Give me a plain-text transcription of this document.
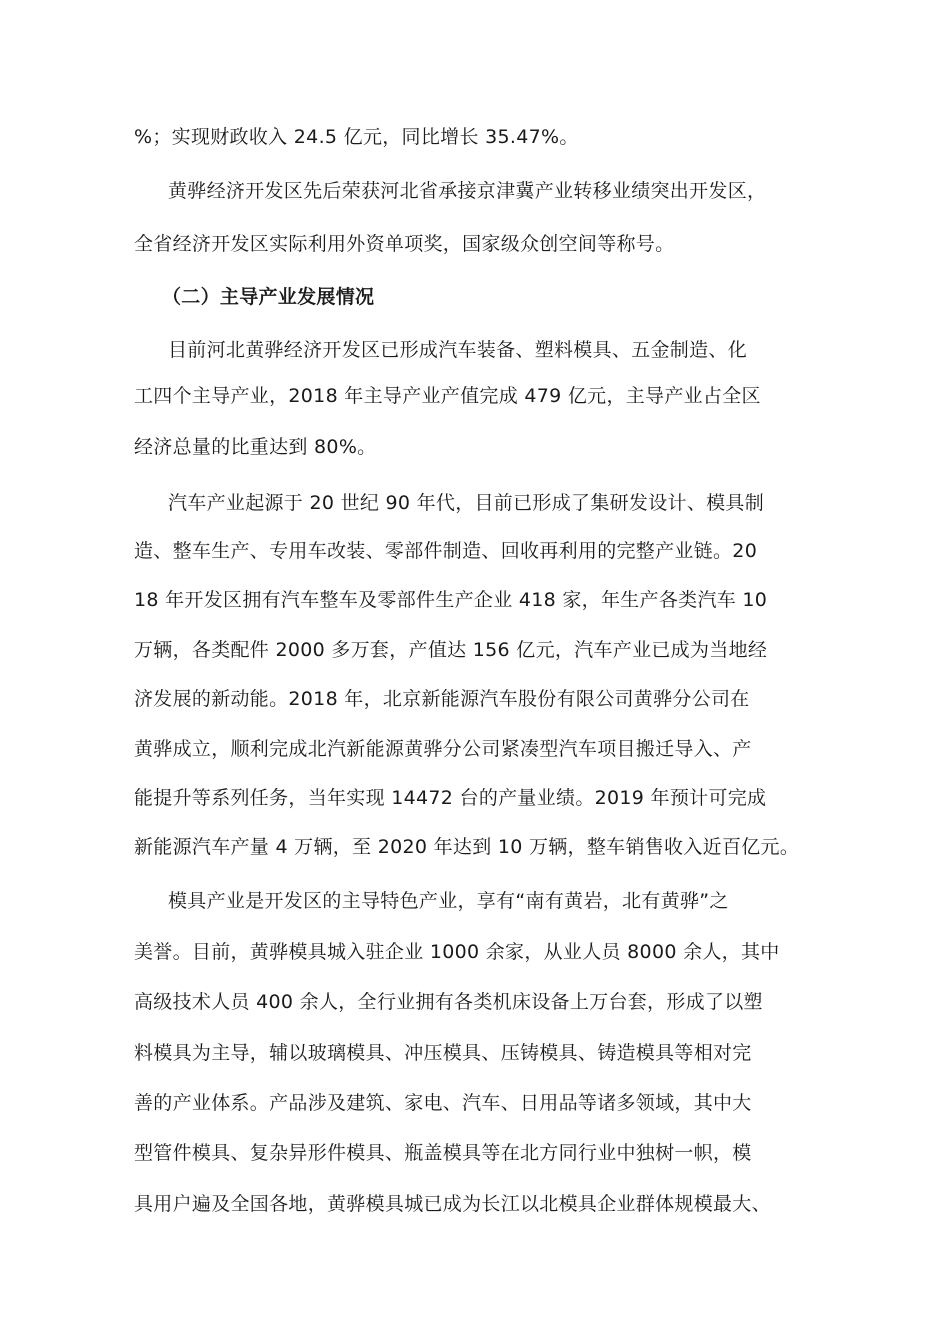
%；实现财政收入 24.5 亿元，同比增长 35.47%。
黄骅经济开发区先后荣获河北省承接京津冀产业转移业绩突出开发区，
全省经济开发区实际利用外资单项奖，国家级众创空间等称号。
（二）主导产业发展情况
目前河北黄骅经济开发区已形成汽车装备、塑料模具、五金制造、化
工四个主导产业，2018 年主导产业产值完成 479 亿元，主导产业占全区
经济总量的比重达到 80%。
汽车产业起源于 20 世纪 90 年代，目前已形成了集研发设计、模具制
造、整车生产、专用车改装、零部件制造、回收再利用的完整产业链。20
18 年开发区拥有汽车整车及零部件生产企业 418 家，年生产各类汽车 10
万辆，各类配件 2000 多万套，产值达 156 亿元，汽车产业已成为当地经
济发展的新动能。2018 年，北京新能源汽车股份有限公司黄骅分公司在
黄骅成立，顺利完成北汽新能源黄骅分公司紧凑型汽车项目搬迁导入、产
能提升等系列任务，当年实现 14472 台的产量业绩。2019 年预计可完成
新能源汽车产量 4 万辆，至 2020 年达到 10 万辆，整车销售收入近百亿元。
模具产业是开发区的主导特色产业，享有“南有黄岩，北有黄骅”之
美誉。目前，黄骅模具城入驻企业 1000 余家，从业人员 8000 余人，其中
高级技术人员 400 余人，全行业拥有各类机床设备上万台套，形成了以塑
料模具为主导，辅以玻璃模具、冲压模具、压铸模具、铸造模具等相对完
善的产业体系。产品涉及建筑、家电、汽车、日用品等诸多领域，其中大
型管件模具、复杂异形件模具、瓶盖模具等在北方同行业中独树一帜，模
具用户遍及全国各地，黄骅模具城已成为长江以北模具企业群体规模最大、
